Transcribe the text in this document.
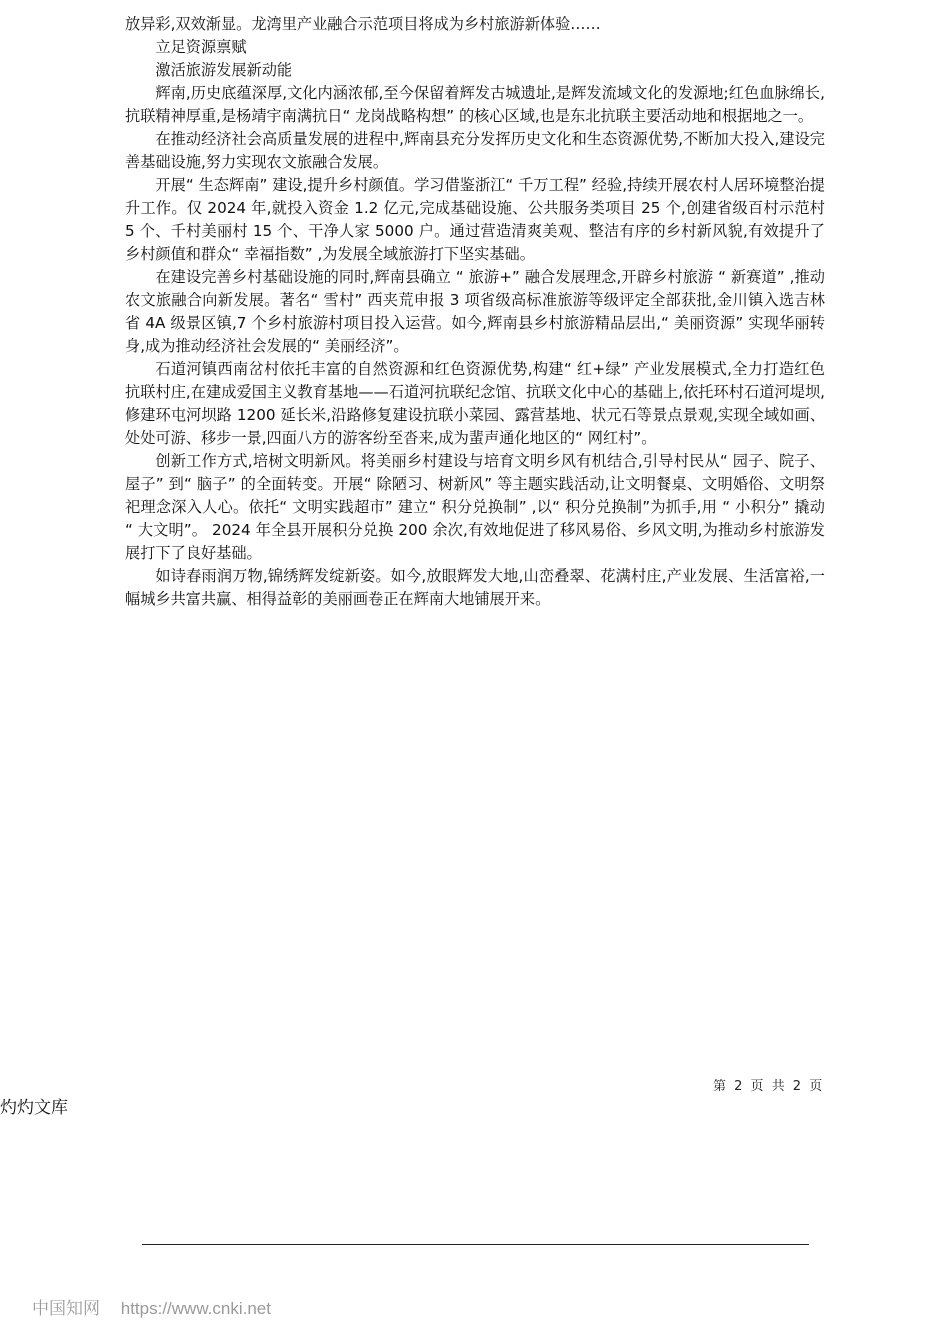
放异彩,双效渐显。龙湾里产业融合示范项目将成为乡村旅游新体验……

立足资源禀赋

激活旅游发展新动能

辉南,历史底蕴深厚,文化内涵浓郁,至今保留着辉发古城遗址,是辉发流域文化的发源地;红色血脉绵长,抗联精神厚重,是杨靖宇南满抗日“ 龙岗战略构想” 的核心区域,也是东北抗联主要活动地和根据地之一。

在推动经济社会高质量发展的进程中,辉南县充分发挥历史文化和生态资源优势,不断加大投入,建设完善基础设施,努力实现农文旅融合发展。

开展“ 生态辉南” 建设,提升乡村颜值。学习借鉴浙江“ 千万工程” 经验,持续开展农村人居环境整治提升工作。仅 2024 年,就投入资金 1.2 亿元,完成基础设施、公共服务类项目 25 个,创建省级百村示范村 5 个、千村美丽村 15 个、干净人家 5000 户。通过营造清爽美观、整洁有序的乡村新风貌,有效提升了乡村颜值和群众“ 幸福指数” ,为发展全域旅游打下坚实基础。

在建设完善乡村基础设施的同时,辉南县确立 “ 旅游+” 融合发展理念,开辟乡村旅游 “ 新赛道” ,推动农文旅融合向新发展。著名“ 雪村” 西夹荒申报 3 项省级高标准旅游等级评定全部获批,金川镇入选吉林省 4A 级景区镇,7 个乡村旅游村项目投入运营。如今,辉南县乡村旅游精品层出,“ 美丽资源” 实现华丽转身,成为推动经济社会发展的“ 美丽经济”。

石道河镇西南岔村依托丰富的自然资源和红色资源优势,构建“ 红+绿” 产业发展模式,全力打造红色抗联村庄,在建成爱国主义教育基地——石道河抗联纪念馆、抗联文化中心的基础上,依托环村石道河堤坝,修建环屯河坝路 1200 延长米,沿路修复建设抗联小菜园、露营基地、状元石等景点景观,实现全域如画、处处可游、移步一景,四面八方的游客纷至沓来,成为蜚声通化地区的“ 网红村”。

创新工作方式,培树文明新风。将美丽乡村建设与培育文明乡风有机结合,引导村民从“ 园子、院子、屋子” 到“ 脑子” 的全面转变。开展“ 除陋习、树新风” 等主题实践活动,让文明餐桌、文明婚俗、文明祭祀理念深入人心。依托“ 文明实践超市” 建立“ 积分兑换制” ,以“ 积分兑换制”为抓手,用 “ 小积分” 撬动 “ 大文明”。 2024 年全县开展积分兑换 200 余次,有效地促进了移风易俗、乡风文明,为推动乡村旅游发展打下了良好基础。

如诗春雨润万物,锦绣辉发绽新姿。如今,放眼辉发大地,山峦叠翠、花满村庄,产业发展、生活富裕,一幅城乡共富共赢、相得益彰的美丽画卷正在辉南大地铺展开来。

第 2 页 共 2 页
灼灼文库
中国知网 https://www.cnki.net
